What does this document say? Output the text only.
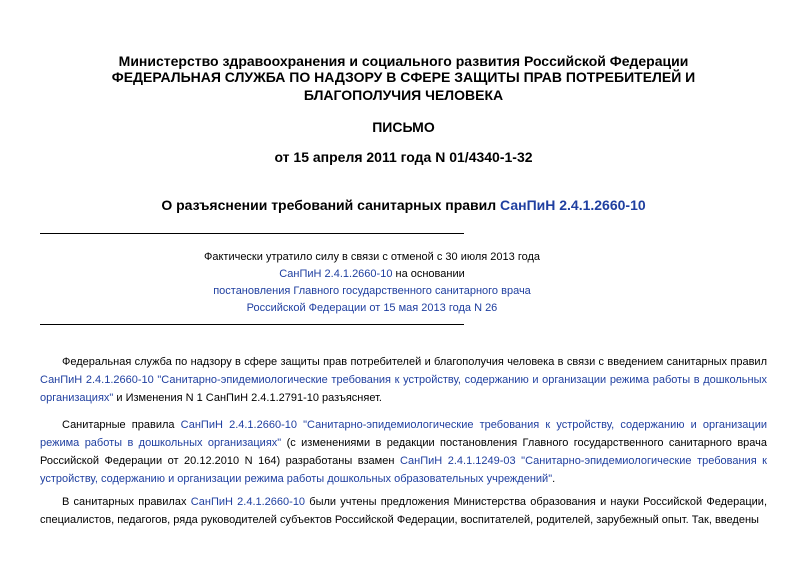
Министерство здравоохранения и социального развития Российской Федерации
ФЕДЕРАЛЬНАЯ СЛУЖБА ПО НАДЗОРУ В СФЕРЕ ЗАЩИТЫ ПРАВ ПОТРЕБИТЕЛЕЙ И БЛАГОПОЛУЧИЯ ЧЕЛОВЕКА
ПИСЬМО
от 15 апреля 2011 года N 01/4340-1-32
О разъяснении требований санитарных правил СанПиН 2.4.1.2660-10
Фактически утратило силу в связи с отменой с 30 июля 2013 года
СанПиН 2.4.1.2660-10 на основании
постановления Главного государственного санитарного врача
Российской Федерации от 15 мая 2013 года N 26
Федеральная служба по надзору в сфере защиты прав потребителей и благополучия человека в связи с введением санитарных правил СанПиН 2.4.1.2660-10 "Санитарно-эпидемиологические требования к устройству, содержанию и организации режима работы в дошкольных организациях" и Изменения N 1 СанПиН 2.4.1.2791-10 разъясняет.
Санитарные правила СанПиН 2.4.1.2660-10 "Санитарно-эпидемиологические требования к устройству, содержанию и организации режима работы в дошкольных организациях" (с изменениями в редакции постановления Главного государственного санитарного врача Российской Федерации от 20.12.2010 N 164) разработаны взамен СанПиН 2.4.1.1249-03 "Санитарно-эпидемиологические требования к устройству, содержанию и организации режима работы дошкольных образовательных учреждений".
В санитарных правилах СанПиН 2.4.1.2660-10 были учтены предложения Министерства образования и науки Российской Федерации, специалистов, педагогов, ряда руководителей субъектов Российской Федерации, воспитателей, родителей, зарубежный опыт. Так, введены
